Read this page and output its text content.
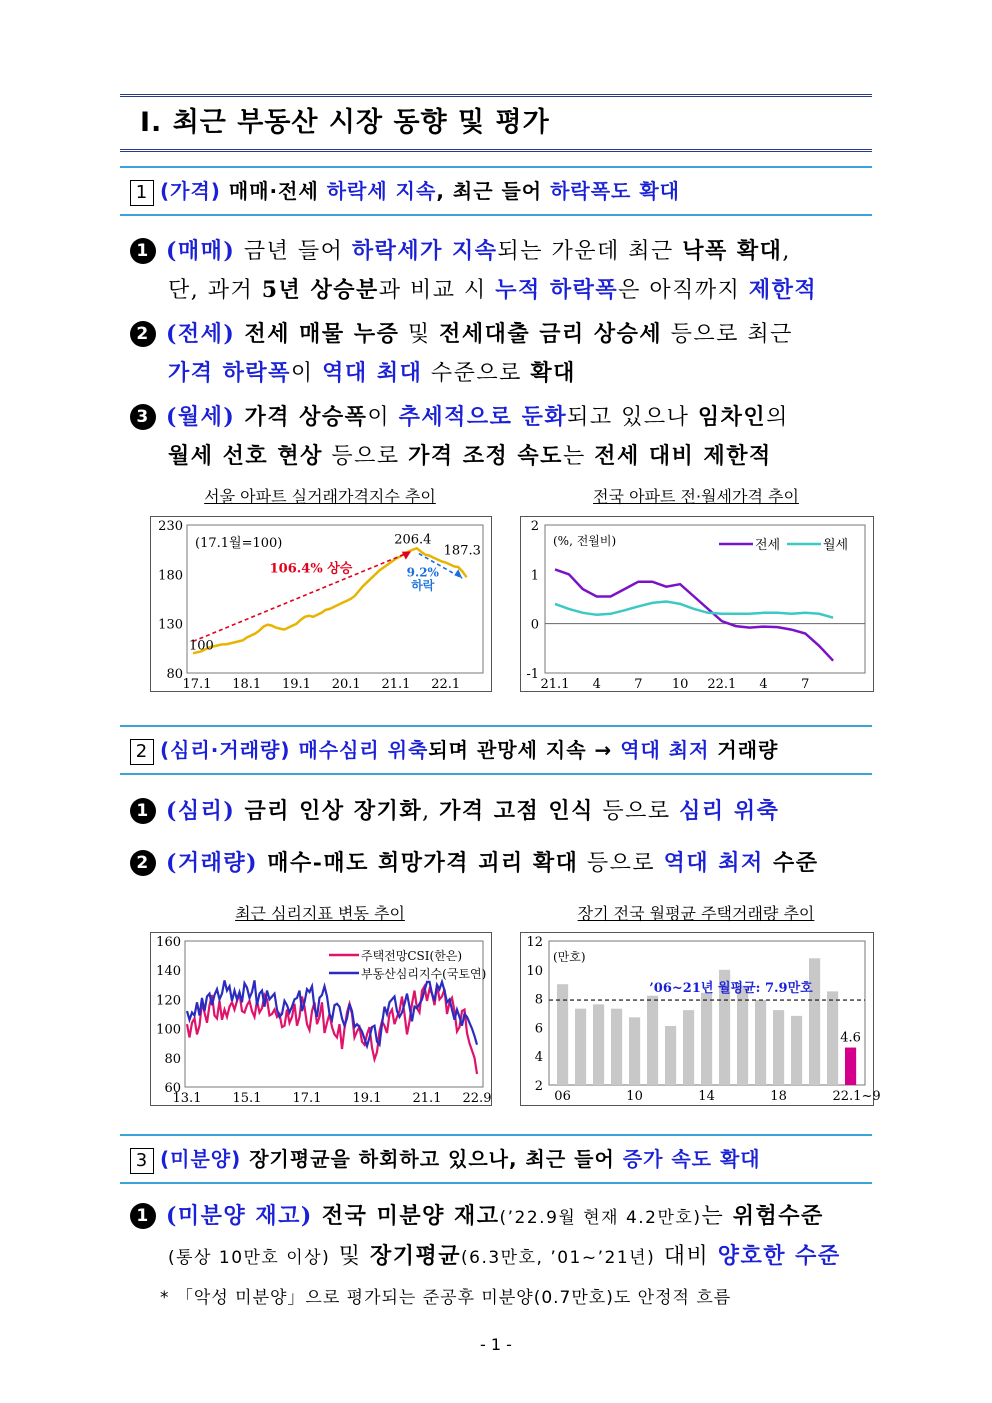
Ⅰ. 최근 부동산 시장 동향 및 평가
1 (가격) 매매·전세 하락세 지속, 최근 들어 하락폭도 확대
1 (매매) 금년 들어 하락세가 지속되는 가운데 최근 낙폭 확대,
단, 과거 5년 상승분과 비교 시 누적 하락폭은 아직까지 제한적
2 (전세) 전세 매물 누증 및 전세대출 금리 상승세 등으로 최근
가격 하락폭이 역대 최대 수준으로 확대
3 (월세) 가격 상승폭이 추세적으로 둔화되고 있으나 임차인의
월세 선호 현상 등으로 가격 조정 속도는 전세 대비 제한적
서울 아파트 실거래가격지수 추이
230
180
130
80
17.1 18.1 19.1 20.1 21.1 22.1
(17.1월=100)
100
206.4
187.3
106.4% 상승	9.2%
하락
전국 아파트 전·월세가격 추이
2
1
0
-1
21.1 4	7 10 22.1 4	7
(%, 전월비)	전세	월세
2 (심리·거래량) 매수심리 위축되며 관망세 지속 → 역대 최저 거래량
1 (심리) 금리 인상 장기화, 가격 고점 인식 등으로 심리 위축
2 (거래량) 매수-매도 희망가격 괴리 확대 등으로 역대 최저 수준
최근 심리지표 변동 추이
160
140
120
100
80
60
13.1 15.1 17.1 19.1 21.1 22.9
주택전망CSI(한은)
부동산심리지수(국토연)
장기 전국 월평균 주택거래량 추이
12
10
8
6
4
2
(만호)
06	10	14	18	22.1~9
’06~21년 월평균: 7.9만호
4.6
3 (미분양) 장기평균을 하회하고 있으나, 최근 들어 증가 속도 확대
1 (미분양 재고) 전국 미분양 재고(’22.9월 현재 4.2만호)는 위험수준
(통상 10만호 이상) 및 장기평균(6.3만호, ’01~’21년) 대비 양호한 수준
* 「악성 미분양」으로 평가되는 준공후 미분양(0.7만호)도 안정적 흐름
- 1 -
